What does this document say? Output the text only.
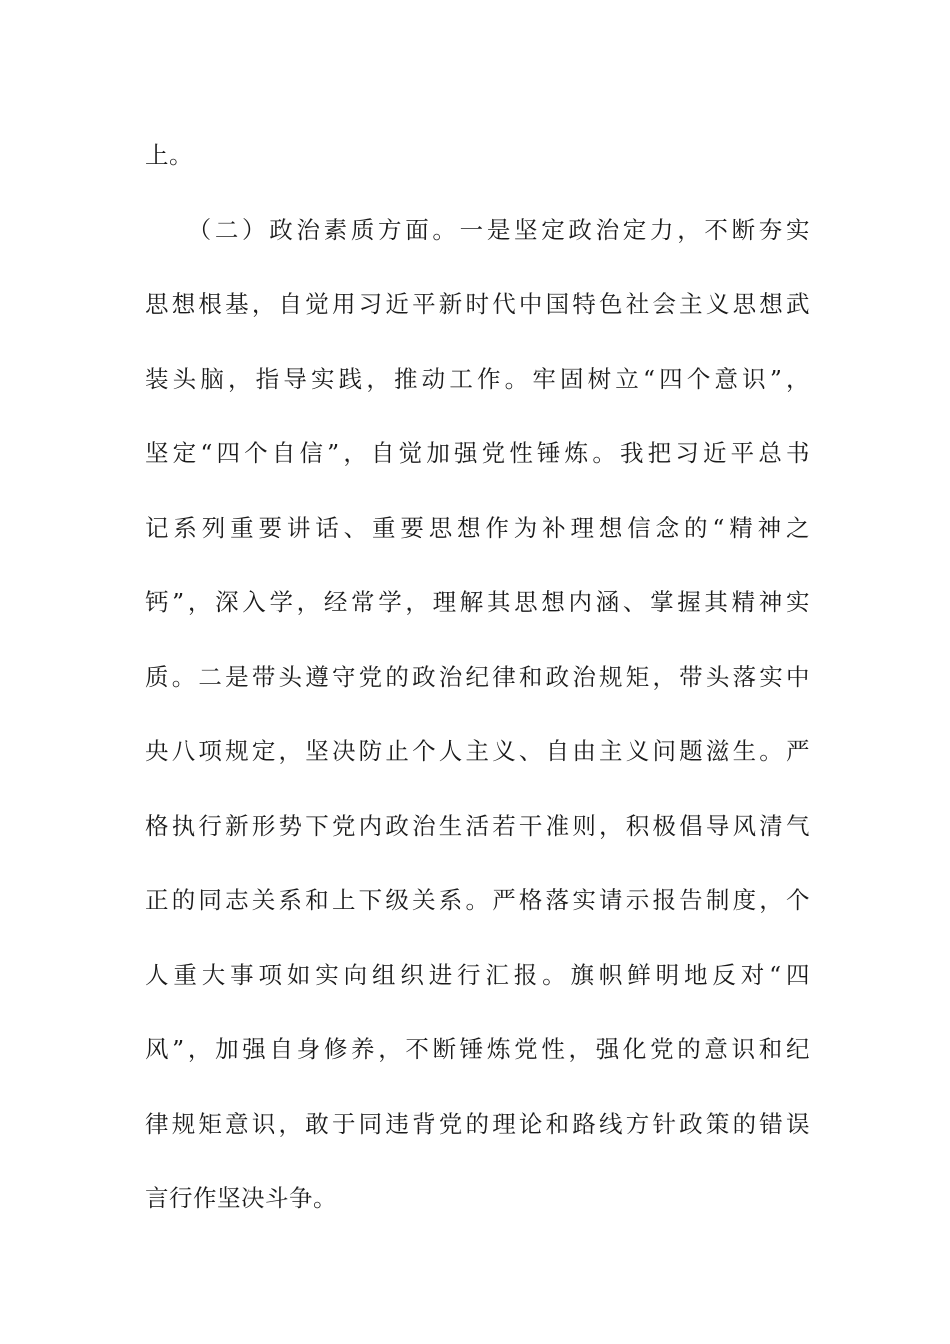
上。
　　（二）政治素质方面。一是坚定政治定力，不断夯实
思想根基，自觉用习近平新时代中国特色社会主义思想武
装头脑，指导实践，推动工作。牢固树立“四个意识”，
坚定“四个自信”，自觉加强党性锤炼。我把习近平总书
记系列重要讲话、重要思想作为补理想信念的“精神之
钙”，深入学，经常学，理解其思想内涵、掌握其精神实
质。二是带头遵守党的政治纪律和政治规矩，带头落实中
央八项规定，坚决防止个人主义、自由主义问题滋生。严
格执行新形势下党内政治生活若干准则，积极倡导风清气
正的同志关系和上下级关系。严格落实请示报告制度，个
人重大事项如实向组织进行汇报。旗帜鲜明地反对“四
风”，加强自身修养，不断锤炼党性，强化党的意识和纪
律规矩意识，敢于同违背党的理论和路线方针政策的错误
言行作坚决斗争。
